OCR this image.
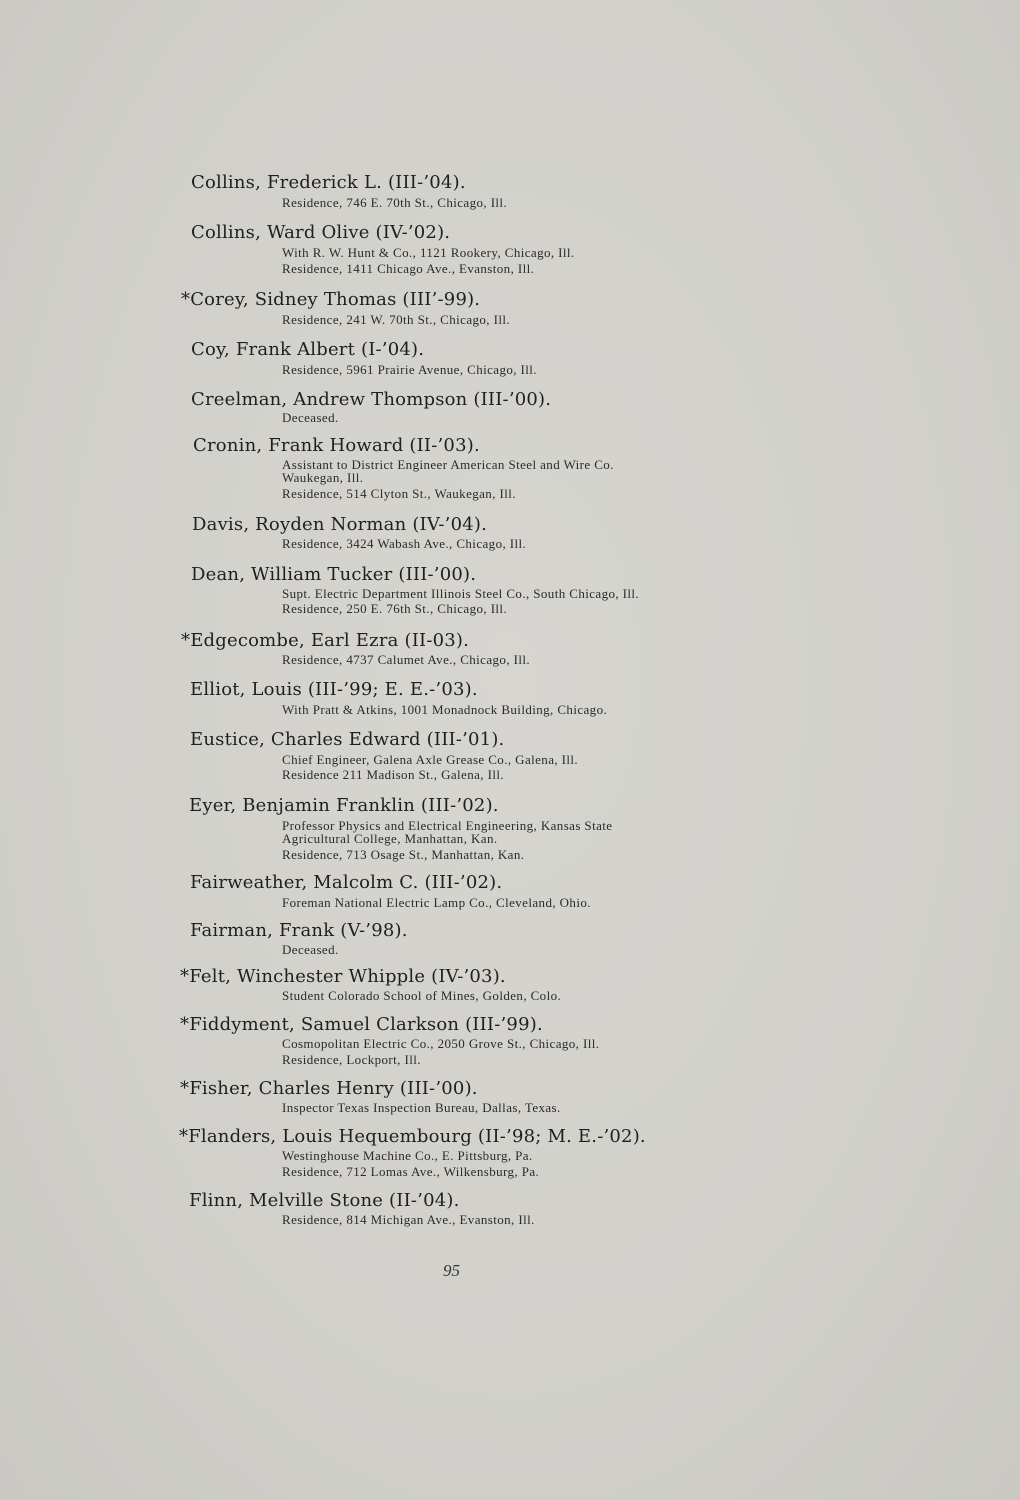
Collins, Frederick L. (III-’04).
Residence, 746 E. 70th St., Chicago, Ill.
Collins, Ward Olive (IV-’02).
With R. W. Hunt & Co., 1121 Rookery, Chicago, Ill.
Residence, 1411 Chicago Ave., Evanston, Ill.
*Corey, Sidney Thomas (III’-99).
Residence, 241 W. 70th St., Chicago, Ill.
Coy, Frank Albert (I-’04).
Residence, 5961 Prairie Avenue, Chicago, Ill.
Creelman, Andrew Thompson (III-’00).
Deceased.
Cronin, Frank Howard (II-’03).
Assistant to District Engineer American Steel and Wire Co.
Waukegan, Ill.
Residence, 514 Clyton St., Waukegan, Ill.
Davis, Royden Norman (IV-’04).
Residence, 3424 Wabash Ave., Chicago, Ill.
Dean, William Tucker (III-’00).
Supt. Electric Department Illinois Steel Co., South Chicago, Ill.
Residence, 250 E. 76th St., Chicago, Ill.
*Edgecombe, Earl Ezra (II-03).
Residence, 4737 Calumet Ave., Chicago, Ill.
Elliot, Louis (III-’99; E. E.-’03).
With Pratt & Atkins, 1001 Monadnock Building, Chicago.
Eustice, Charles Edward (III-’01).
Chief Engineer, Galena Axle Grease Co., Galena, Ill.
Residence 211 Madison St., Galena, Ill.
Eyer, Benjamin Franklin (III-’02).
Professor Physics and Electrical Engineering, Kansas State
Agricultural College, Manhattan, Kan.
Residence, 713 Osage St., Manhattan, Kan.
Fairweather, Malcolm C. (III-’02).
Foreman National Electric Lamp Co., Cleveland, Ohio.
Fairman, Frank (V-’98).
Deceased.
*Felt, Winchester Whipple (IV-’03).
Student Colorado School of Mines, Golden, Colo.
*Fiddyment, Samuel Clarkson (III-’99).
Cosmopolitan Electric Co., 2050 Grove St., Chicago, Ill.
Residence, Lockport, Ill.
*Fisher, Charles Henry (III-’00).
Inspector Texas Inspection Bureau, Dallas, Texas.
*Flanders, Louis Hequembourg (II-’98; M. E.-’02).
Westinghouse Machine Co., E. Pittsburg, Pa.
Residence, 712 Lomas Ave., Wilkensburg, Pa.
Flinn, Melville Stone (II-’04).
Residence, 814 Michigan Ave., Evanston, Ill.
95
